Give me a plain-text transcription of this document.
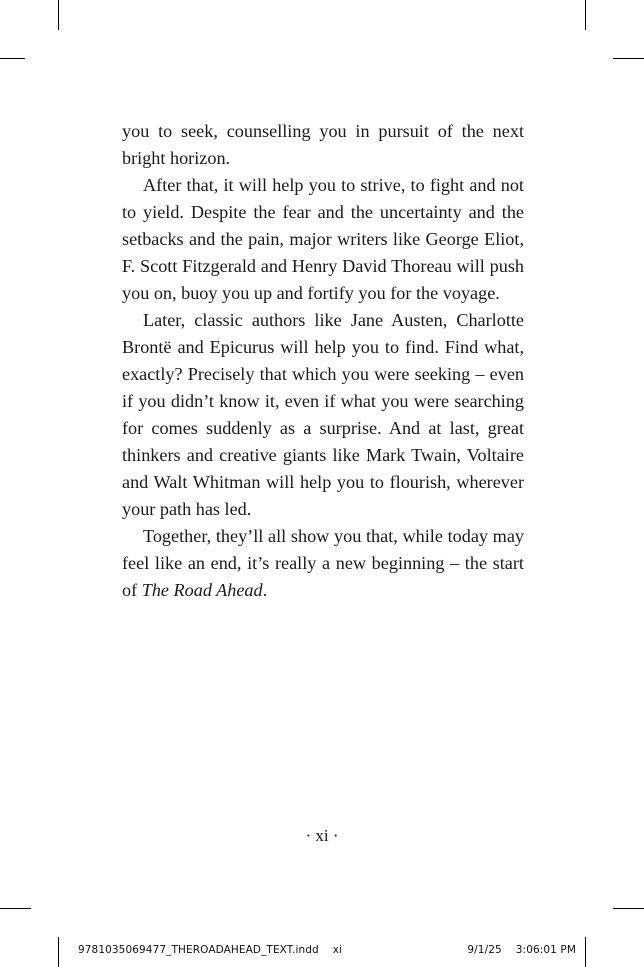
you to seek, counselling you in pursuit of the next bright horizon.

After that, it will help you to strive, to fight and not to yield. Despite the fear and the uncertainty and the setbacks and the pain, major writers like George Eliot, F. Scott Fitzgerald and Henry David Thoreau will push you on, buoy you up and fortify you for the voyage.

Later, classic authors like Jane Austen, Charlotte Brontë and Epicurus will help you to find. Find what, exactly? Precisely that which you were seeking – even if you didn’t know it, even if what you were searching for comes suddenly as a surprise. And at last, great thinkers and creative giants like Mark Twain, Voltaire and Walt Whitman will help you to flourish, wherever your path has led.

Together, they’ll all show you that, while today may feel like an end, it’s really a new beginning – the start of The Road Ahead.

· xi ·
9781035069477_THEROADAHEAD_TEXT.indd xi	9/1/25 3:06:01 PM
